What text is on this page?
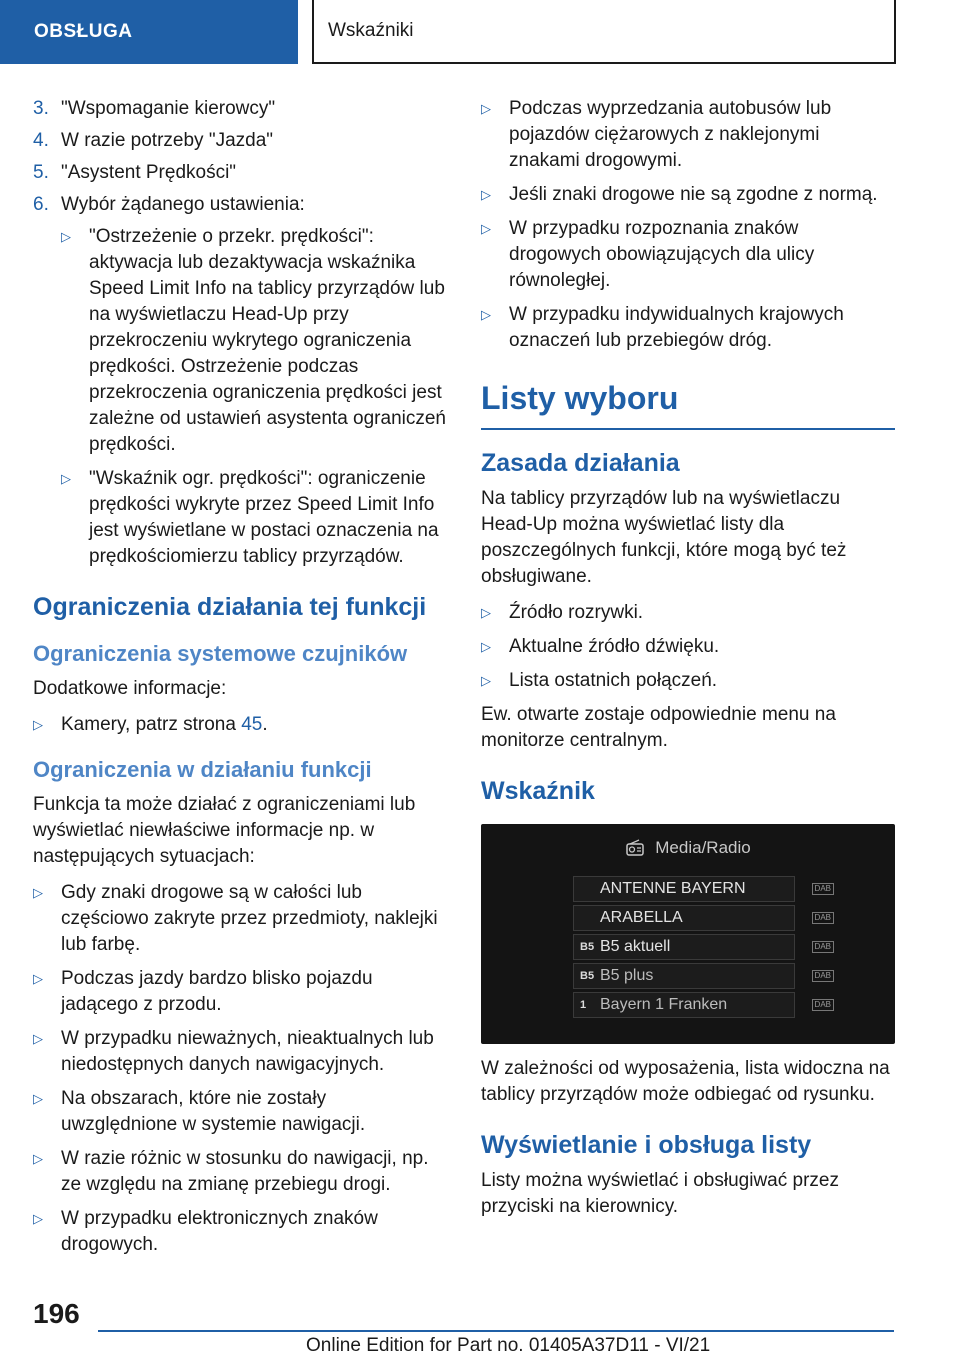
OBSŁUGA	Wskaźniki
3. "Wspomaganie kierowcy"
4. W razie potrzeby "Jazda"
5. "Asystent Prędkości"
6. Wybór żądanego ustawienia:
▷ "Ostrzeżenie o przekr. prędkości": aktywacja lub dezaktywacja wskaźnika Speed Limit Info na tablicy przyrządów lub na wyświetlaczu Head-Up przy przekroczeniu wykrytego ograniczenia prędkości. Ostrzeżenie podczas przekroczenia ograniczenia prędkości jest zależne od ustawień asystenta ograniczeń prędkości.
▷ "Wskaźnik ogr. prędkości": ograniczenie prędkości wykryte przez Speed Limit Info jest wyświetlane w postaci oznaczenia na prędkościomierzu tablicy przyrządów.
Ograniczenia działania tej funkcji
Ograniczenia systemowe czujników

Dodatkowe informacje:

▷ Kamery, patrz strona 45.
Ograniczenia w działaniu funkcji

Funkcja ta może działać z ograniczeniami lub wyświetlać niewłaściwe informacje np. w następujących sytuacjach:

▷ Gdy znaki drogowe są w całości lub częściowo zakryte przez przedmioty, naklejki lub farbę.
▷ Podczas jazdy bardzo blisko pojazdu jadącego z przodu.
▷ W przypadku nieważnych, nieaktualnych lub niedostępnych danych nawigacyjnych.
▷ Na obszarach, które nie zostały uwzględnione w systemie nawigacji.
▷ W razie różnic w stosunku do nawigacji, np. ze względu na zmianę przebiegu drogi.
▷ W przypadku elektronicznych znaków drogowych.
▷ Podczas wyprzedzania autobusów lub pojazdów ciężarowych z naklejonymi znakami drogowymi.
▷ Jeśli znaki drogowe nie są zgodne z normą.
▷ W przypadku rozpoznania znaków drogowych obowiązujących dla ulicy równoległej.
▷ W przypadku indywidualnych krajowych oznaczeń lub przebiegów dróg.
Listy wyboru
Zasada działania

Na tablicy przyrządów lub na wyświetlaczu Head-Up można wyświetlać listy dla poszczególnych funkcji, które mogą być też obsługiwane.

▷ Źródło rozrywki.
▷ Aktualne źródło dźwięku.
▷ Lista ostatnich połączeń.

Ew. otwarte zostaje odpowiednie menu na monitorze centralnym.

Wskaźnik
Media/Radio
ANTENNE BAYERN	DAB
ARABELLA	DAB
B5 B5 aktuell	DAB
B5 B5 plus	DAB
1 Bayern 1 Franken	DAB

W zależności od wyposażenia, lista widoczna na tablicy przyrządów może odbiegać od rysunku.

Wyświetlanie i obsługa listy

Listy można wyświetlać i obsługiwać przez przyciski na kierownicy.

196
Online Edition for Part no. 01405A37D11 - VI/21
